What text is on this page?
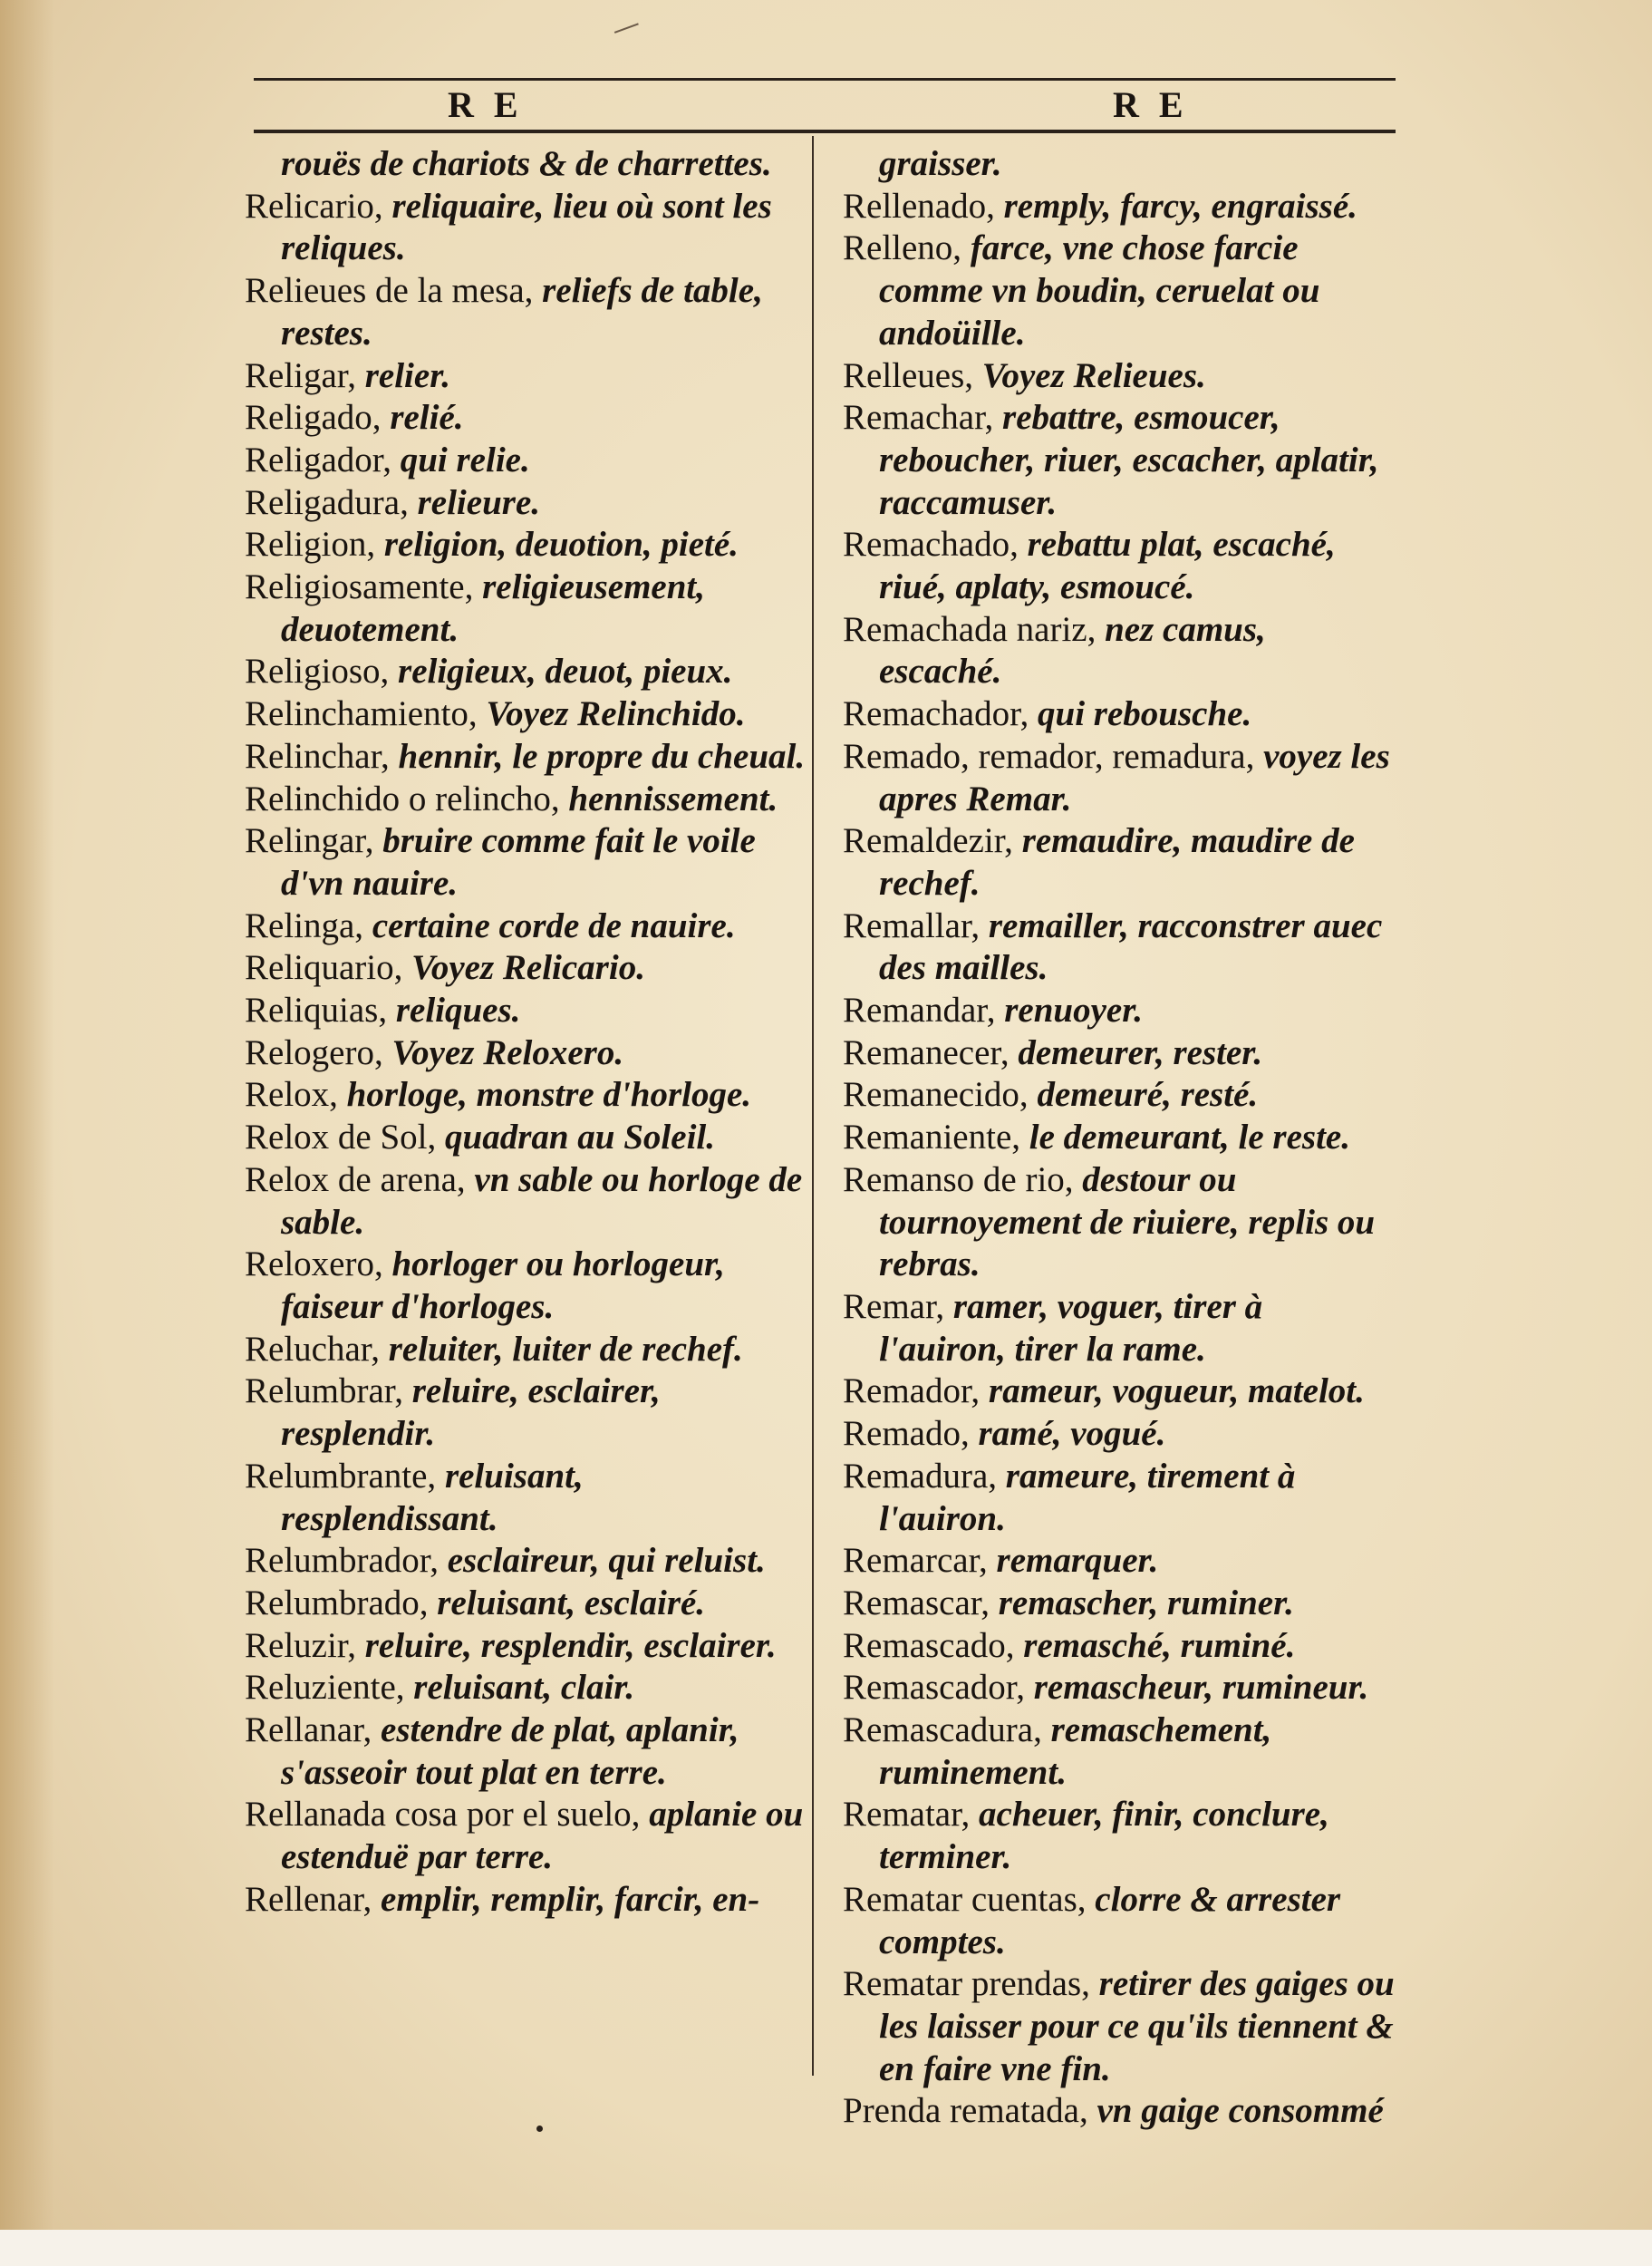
R E	R E
rouës de chariots & de charrettes.
Relicario, reliquaire, lieu où sont les reliques.
Relieues de la mesa, reliefs de table, restes.
Religar, relier.
Religado, relié.
Religador, qui relie.
Religadura, relieure.
Religion, religion, deuotion, pieté.
Religiosamente, religieusement, deuotement.
Religioso, religieux, deuot, pieux.
Relinchamiento, Voyez Relinchido.
Relinchar, hennir, le propre du cheual.
Relinchido o relincho, hennissement.
Relingar, bruire comme fait le voile d'vn nauire.
Relinga, certaine corde de nauire.
Reliquario, Voyez Relicario.
Reliquias, reliques.
Relogero, Voyez Reloxero.
Relox, horloge, monstre d'horloge.
Relox de Sol, quadran au Soleil.
Relox de arena, vn sable ou horloge de sable.
Reloxero, horloger ou horlogeur, faiseur d'horloges.
Reluchar, reluiter, luiter de rechef.
Relumbrar, reluire, esclairer, resplendir.
Relumbrante, reluisant, resplendissant.
Relumbrador, esclaireur, qui reluist.
Relumbrado, reluisant, esclairé.
Reluzir, reluire, resplendir, esclairer.
Reluziente, reluisant, clair.
Rellanar, estendre de plat, aplanir, s'asseoir tout plat en terre.
Rellanada cosa por el suelo, aplanie ou estenduë par terre.
Rellenar, emplir, remplir, farcir, en-
graisser.
Rellenado, remply, farcy, engraissé.
Relleno, farce, vne chose farcie comme vn boudin, ceruelat ou andoüille.
Relleues, Voyez Relieues.
Remachar, rebattre, esmoucer, reboucher, riuer, escacher, aplatir, raccamuser.
Remachado, rebattu plat, escaché, riué, aplaty, esmoucé.
Remachada nariz, nez camus, escaché.
Remachador, qui rebousche.
Remado, remador, remadura, voyez les apres Remar.
Remaldezir, remaudire, maudire de rechef.
Remallar, remailler, racconstrer auec des mailles.
Remandar, renuoyer.
Remanecer, demeurer, rester.
Remanecido, demeuré, resté.
Remaniente, le demeurant, le reste.
Remanso de rio, destour ou tournoyement de riuiere, replis ou rebras.
Remar, ramer, voguer, tirer à l'auiron, tirer la rame.
Remador, rameur, vogueur, matelot.
Remado, ramé, vogué.
Remadura, rameure, tirement à l'auiron.
Remarcar, remarquer.
Remascar, remascher, ruminer.
Remascado, remasché, ruminé.
Remascador, remascheur, rumineur.
Remascadura, remaschement, ruminement.
Rematar, acheuer, finir, conclure, terminer.
Rematar cuentas, clorre & arrester comptes.
Rematar prendas, retirer des gaiges ou les laisser pour ce qu'ils tiennent & en faire vne fin.
Prenda rematada, vn gaige consommé
